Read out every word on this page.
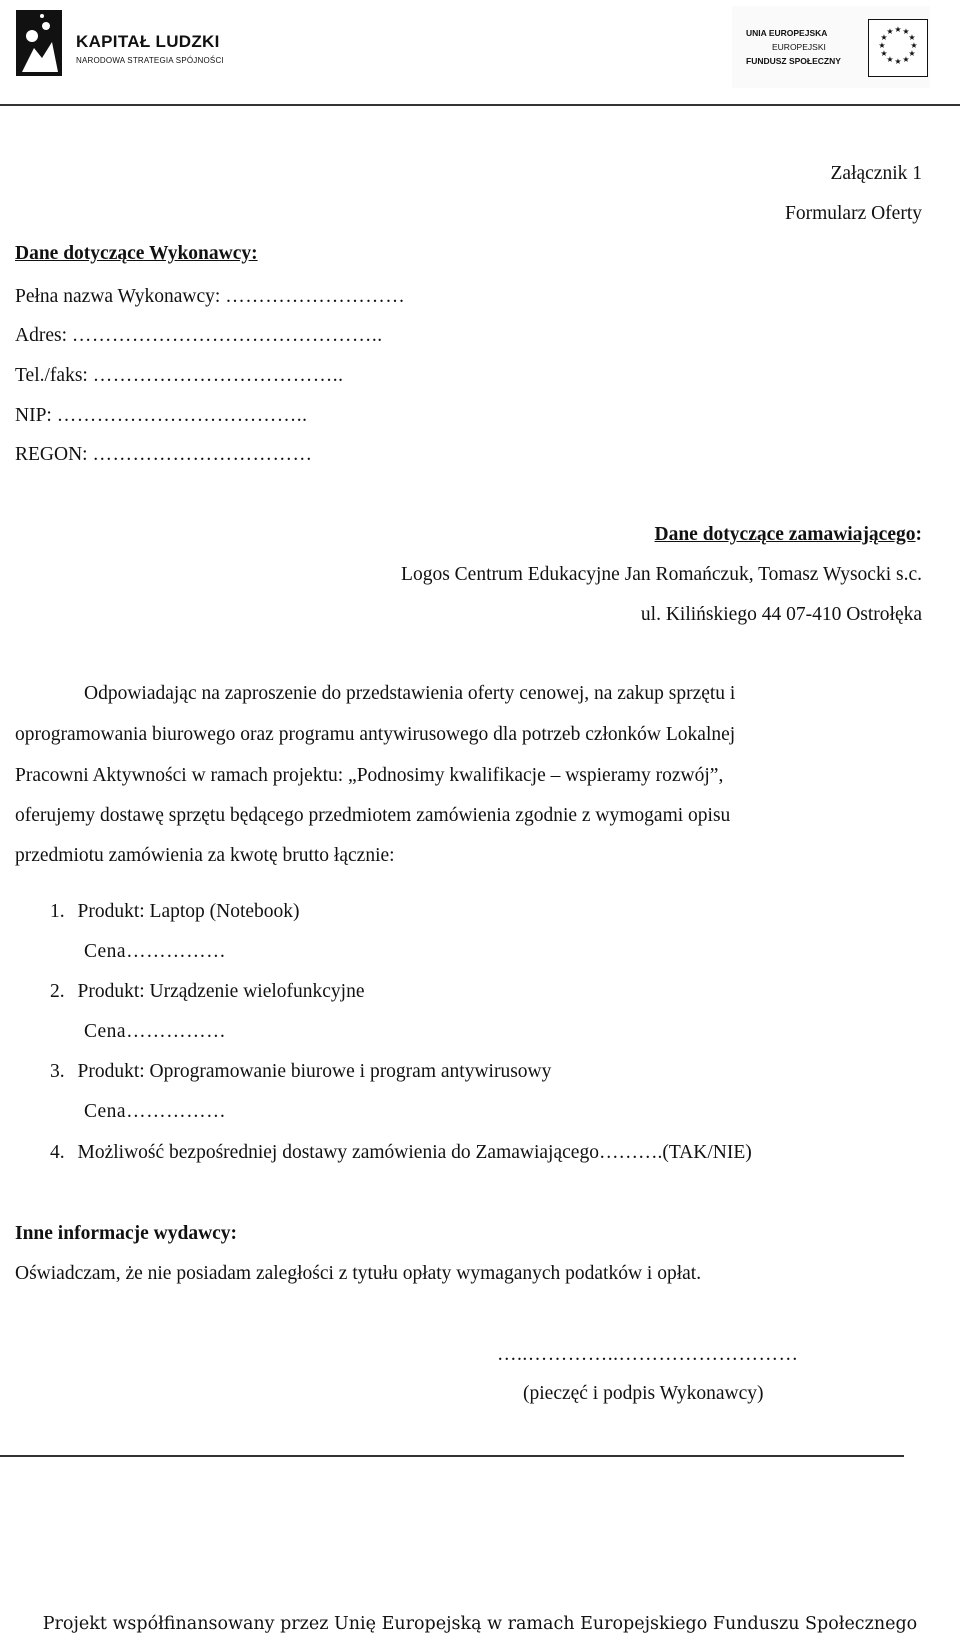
KAPITAŁ LUDZKI
NARODOWA STRATEGIA SPÓJNOŚCI
UNIA EUROPEJSKA
EUROPEJSKI
FUNDUSZ SPOŁECZNY
★ ★
★
★
★
★
★
★
★
★
★
★
Załącznik 1
Formularz Oferty
Dane dotyczące Wykonawcy:
Pełna nazwa Wykonawcy: ………………………
Adres: ………………………………………..
Tel./faks: ………………………………..
NIP: ………………………………..
REGON: ……………………………
Dane dotyczące zamawiającego:
Logos Centrum Edukacyjne Jan Romańczuk, Tomasz Wysocki s.c.
ul. Kilińskiego 44 07-410 Ostrołęka
Odpowiadając na zaproszenie do przedstawienia oferty cenowej, na zakup sprzętu i
oprogramowania biurowego oraz programu antywirusowego dla potrzeb członków Lokalnej
Pracowni Aktywności w ramach projektu: „Podnosimy kwalifikacje – wspieramy rozwój”,
oferujemy dostawę sprzętu będącego przedmiotem zamówienia zgodnie z wymogami opisu
przedmiotu zamówienia za kwotę brutto łącznie:
1. Produkt: Laptop (Notebook)
Cena……………
2. Produkt: Urządzenie wielofunkcyjne
Cena……………
3. Produkt: Oprogramowanie biurowe i program antywirusowy
Cena……………
4. Możliwość bezpośredniej dostawy zamówienia do Zamawiającego……….(TAK/NIE)
Inne informacje wydawcy:
Oświadczam, że nie posiadam zaległości z tytułu opłaty wymaganych podatków i opłat.
…..…………..………………………
(pieczęć i podpis Wykonawcy)
Projekt współfinansowany przez Unię Europejską w ramach Europejskiego Funduszu Społecznego
